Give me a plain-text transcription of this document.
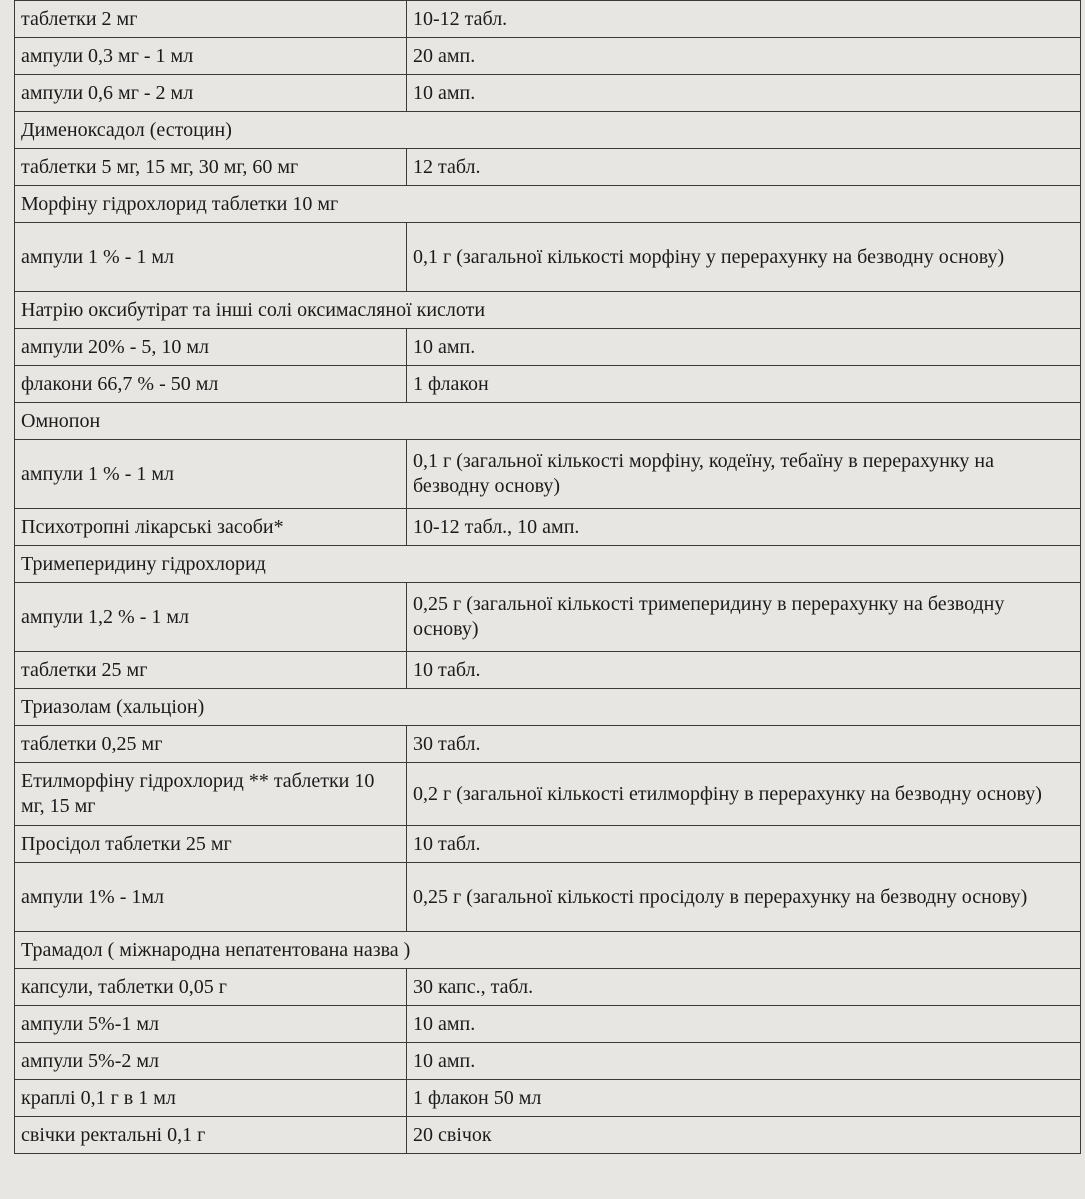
таблетки 2 мг	10-12 табл.
ампули 0,3 мг - 1 мл	20 амп.
ампули 0,6 мг - 2 мл	10 амп.
Дименоксадол (естоцин)	
таблетки 5 мг, 15 мг, 30 мг, 60 мг	12 табл.
Морфіну гідрохлорид таблетки 10 мг	
ампули 1 % - 1 мл	0,1 г (загальної кількості морфіну у перерахунку на безводну основу)
Натрію оксибутірат та інші солі оксимасляної кислоти	
ампули 20% - 5, 10 мл	10 амп.
флакони 66,7 % - 50 мл	1 флакон
Омнопон	
ампули 1 % - 1 мл	0,1 г (загальної кількості морфіну, кодеїну, тебаїну в перерахунку на безводну основу)
Психотропні лікарські засоби*	10-12 табл., 10 амп.
Тримеперидину гідрохлорид	
ампули 1,2 % - 1 мл	0,25 г (загальної кількості тримеперидину в перерахунку на безводну основу)
таблетки 25 мг	10 табл.
Триазолам (хальціон)	
таблетки 0,25 мг	30 табл.
Етилморфіну гідрохлорид ** таблетки 10 мг, 15 мг	0,2 г (загальної кількості етилморфіну в перерахунку на безводну основу)
Просідол таблетки 25 мг	10 табл.
ампули 1% - 1мл	0,25 г (загальної кількості просідолу в перерахунку на безводну основу)
Трамадол ( міжнародна непатентована назва )	
капсули, таблетки 0,05 г	30 капс., табл.
ампули 5%-1 мл	10 амп.
ампули 5%-2 мл	10 амп.
краплі 0,1 г в 1 мл	1 флакон 50 мл
свічки ректальні 0,1 г	20 свічок
